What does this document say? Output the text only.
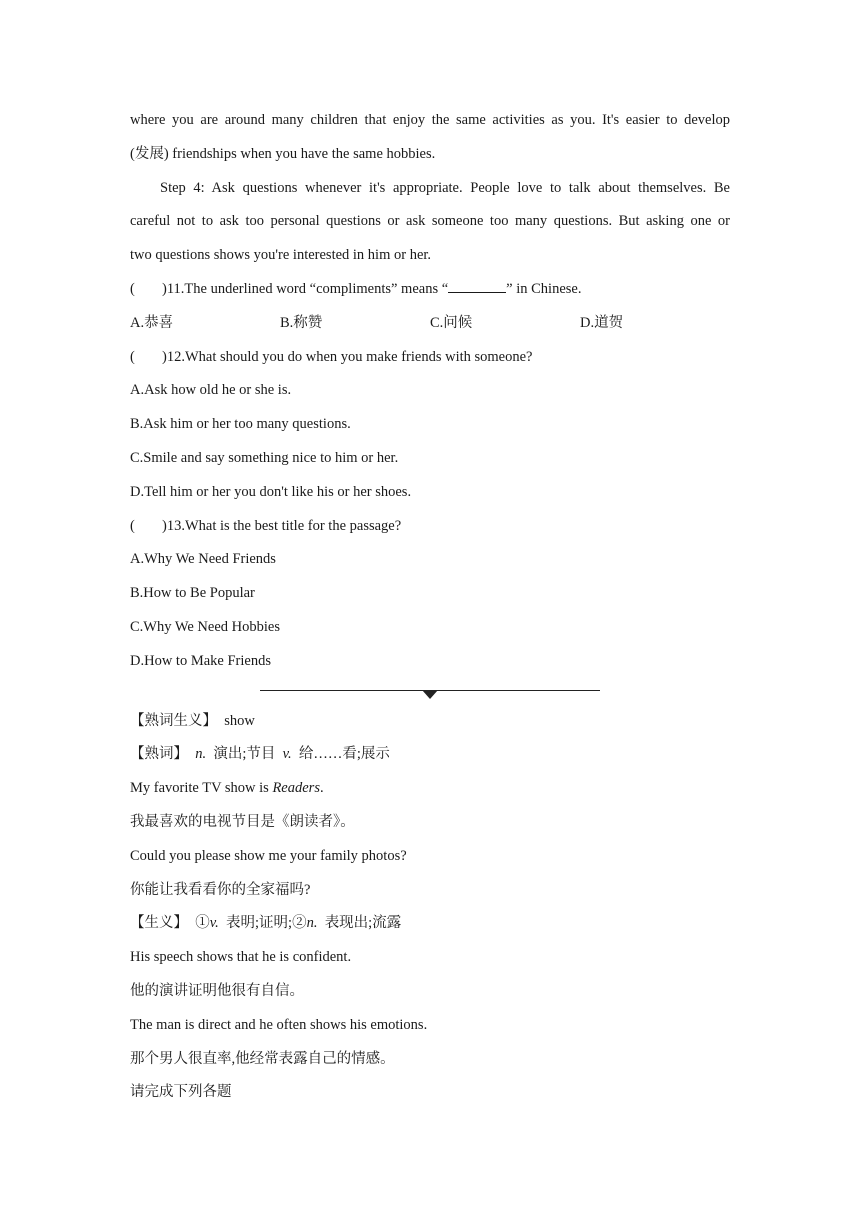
where you are around many children that enjoy the same activities as you. It's easier to develop
(发展) friendships when you have the same hobbies.
Step 4: Ask questions whenever it's appropriate. People love to talk about themselves. Be
careful not to ask too personal questions or ask someone too many questions. But asking one or
two questions shows you're interested in him or her.
( )11.The underlined word “compliments” means “	” in Chinese.
A.恭喜	B.称赞	C.问候	D.道贺
( )12.What should you do when you make friends with someone?
A.Ask how old he or she is.
B.Ask him or her too many questions.
C.Smile and say something nice to him or her.
D.Tell him or her you don't like his or her shoes.
( )13.What is the best title for the passage?
A.Why We Need Friends
B.How to Be Popular
C.Why We Need Hobbies
D.How to Make Friends
【熟词生义】 show
【熟词】 n. 演出;节目 v. 给……看;展示
My favorite TV show is Readers.
我最喜欢的电视节目是《朗读者》。
Could you please show me your family photos?
你能让我看看你的全家福吗?
【生义】 ①v. 表明;证明;②n. 表现出;流露
His speech shows that he is confident.
他的演讲证明他很有自信。
The man is direct and he often shows his emotions.
那个男人很直率,他经常表露自己的情感。
请完成下列各题
